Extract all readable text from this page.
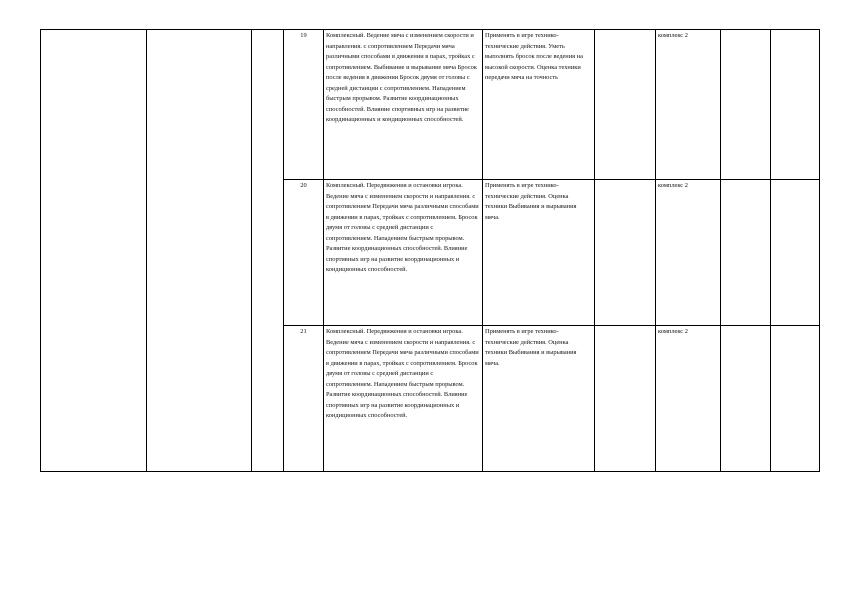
			19	Комплексный. Ведение мяча с изменением скорости и направления. с сопротивлением Передачи мяча различными способами в движении в парах, тройках с сопротивлением. Выбивание и вырывание мяча Бросок после ведения в движении Бросок двумя от головы с средней дистанции с сопротивлением. Нападением быстрым прорывом. Развитие координационных способностей. Влияние спортивных игр на развитие координационных и кондиционных способностей.	Применять в игре технико-технические действия. Уметь выполнять бросок после ведения на высокой скорости. Оценка техники передачи мяча на точность		комплекс 2		
			20	Комплексный. Передвижения и остановки игрока. Ведение мяча с изменением скорости и направления. с сопротивлением Передачи мяча различными способами в движении в парах, тройках с сопротивлением. Бросок двумя от головы с средней дистанции с сопротивлением. Нападением быстрым прорывом. Развитие координационных способностей. Влияние спортивных игр на развитие координационных и кондиционных способностей.	Применять в игре технико-технические действия. Оценка техники Выбивания и вырывания мяча.		комплекс 2		
			21	Комплексный. Передвижения и остановки игрока. Ведение мяча с изменением скорости и направления. с сопротивлением Передачи мяча различными способами в движении в парах, тройках с сопротивлением. Бросок двумя от головы с средней дистанции с сопротивлением. Нападением быстрым прорывом. Развитие координационных способностей. Влияние спортивных игр на развитие координационных и кондиционных способностей.	Применять в игре технико-технические действия. Оценка техники Выбивания и вырывания мяча.		комплекс 2		
